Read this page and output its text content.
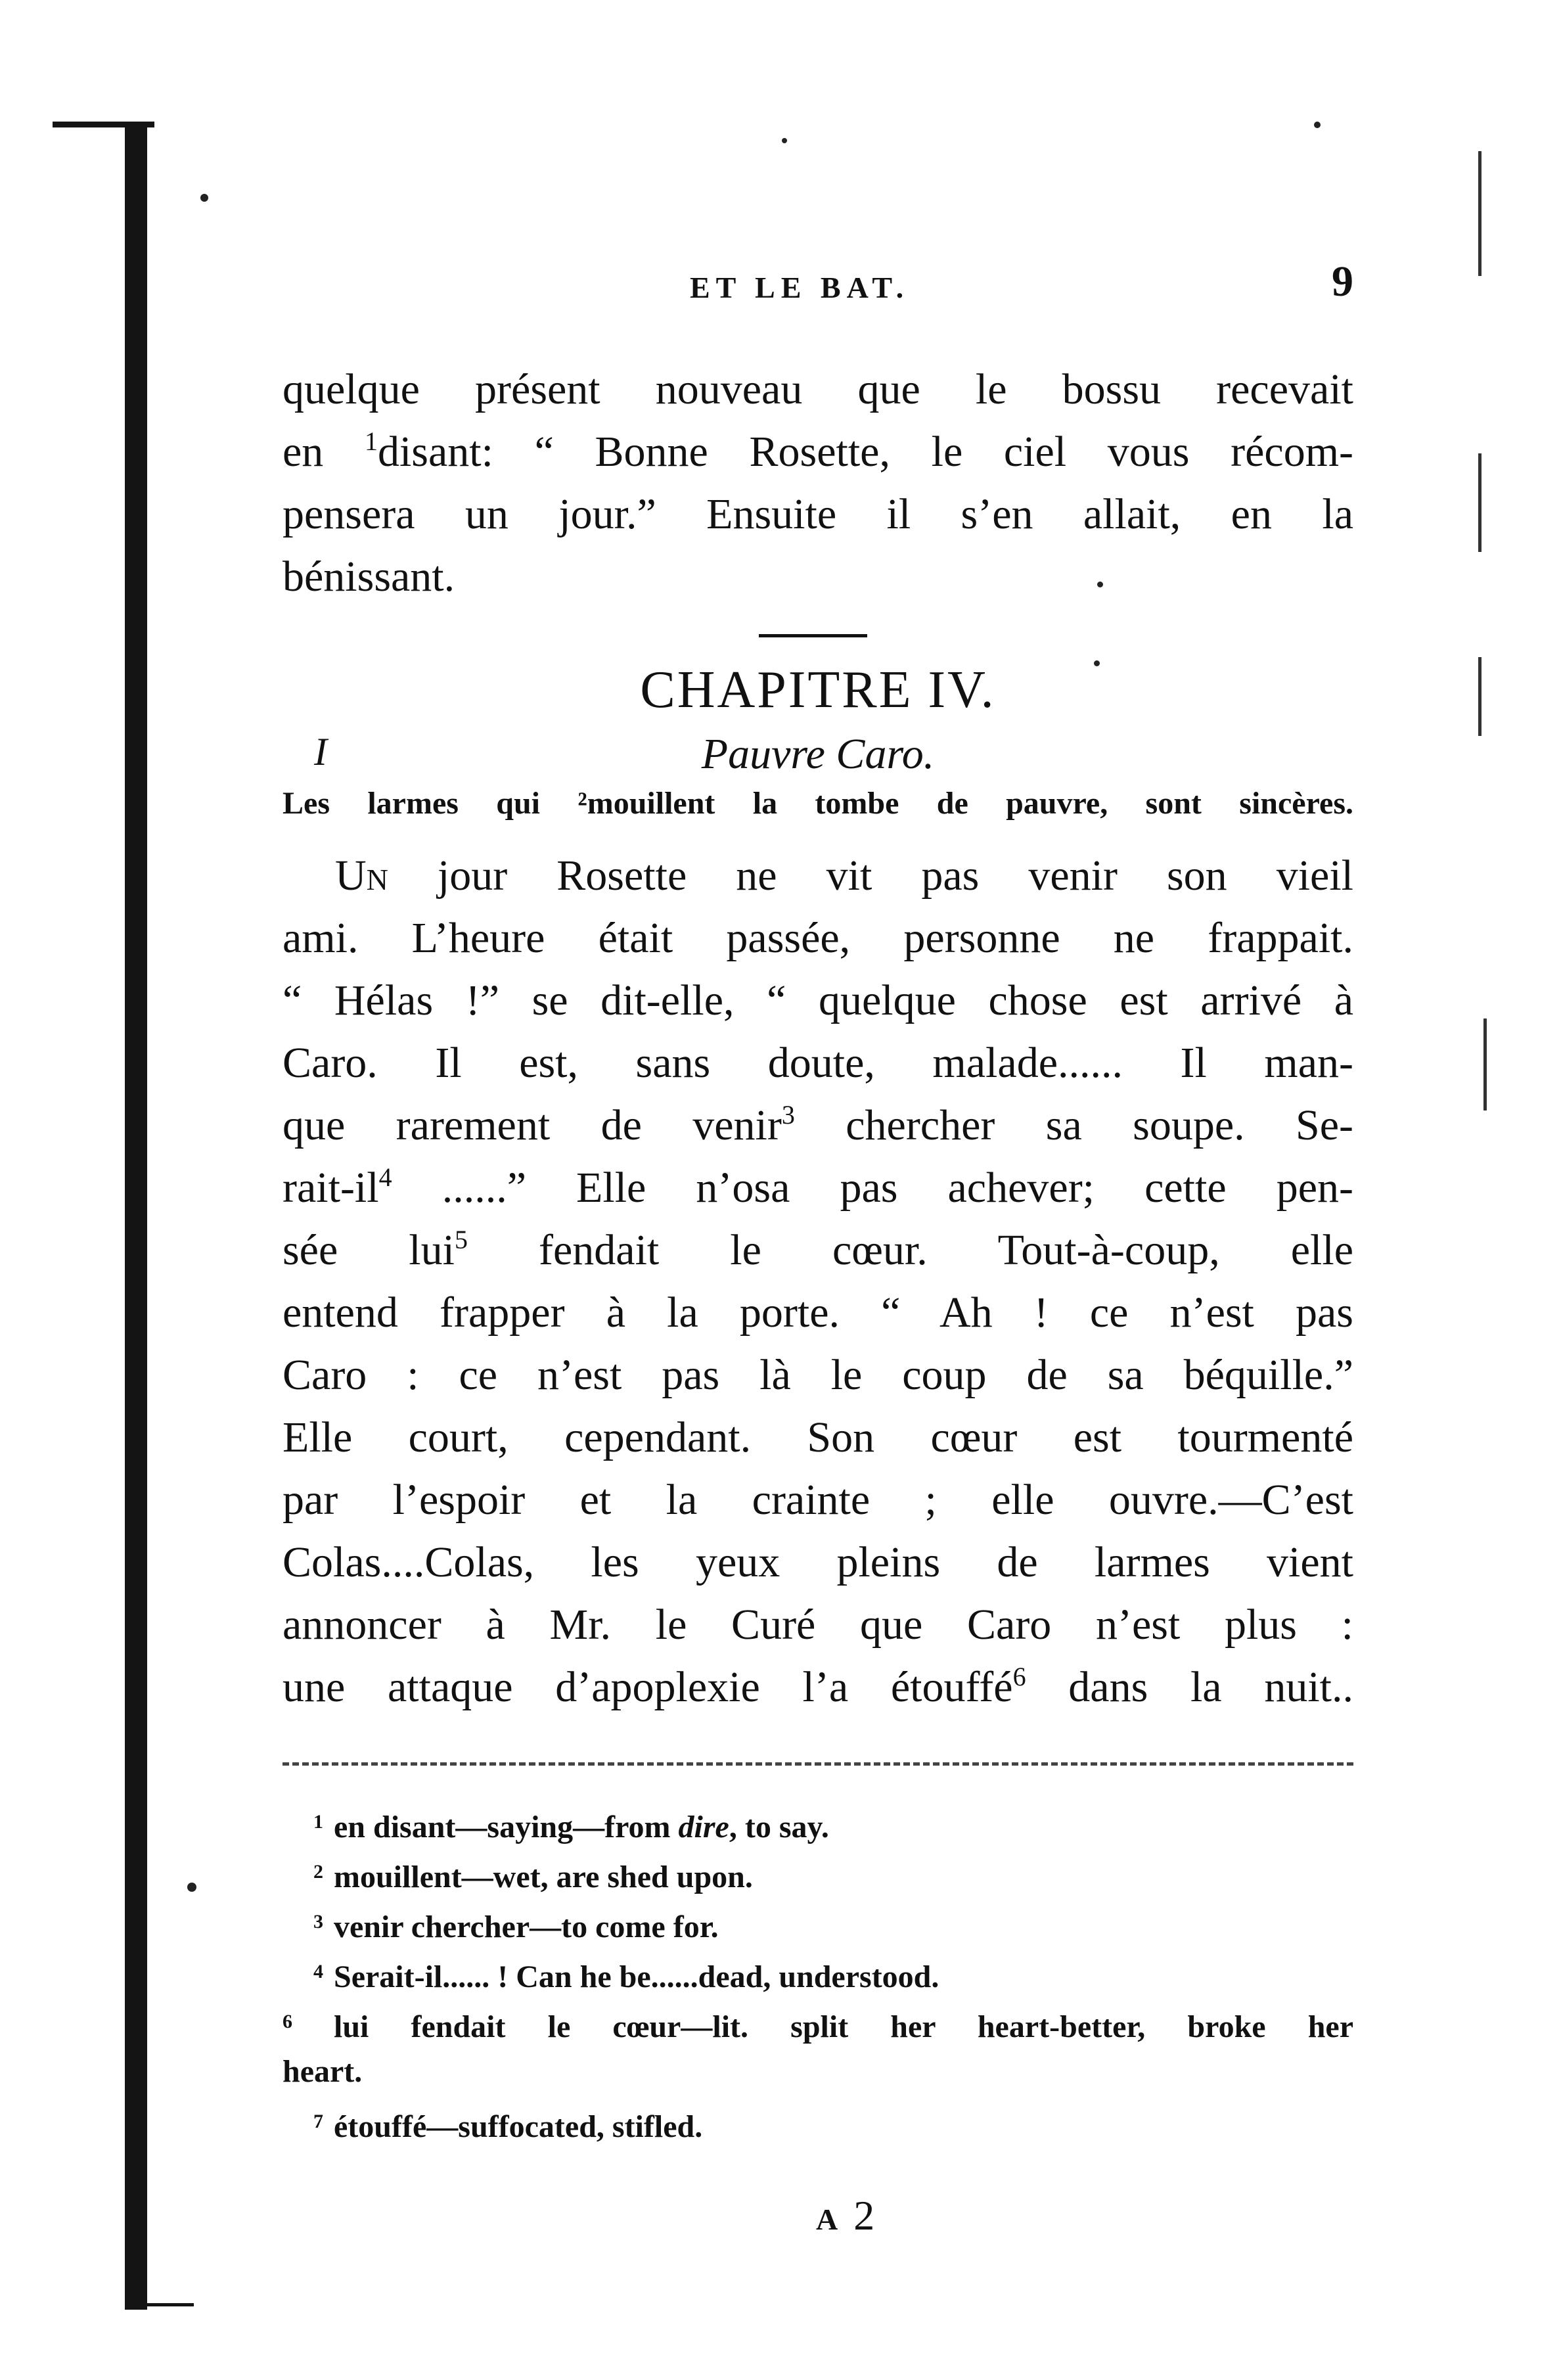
ET LE BAT.	9
quelque présent nouveau que le bossu recevait
en $^1$disant: “ Bonne Rosette, le ciel vous récom-
pensera un jour.” Ensuite il s’en allait, en la
bénissant.
CHAPITRE IV.
I	Pauvre Caro.
Les larmes qui ²mouillent la tombe de pauvre, sont sincères.
Un jour Rosette ne vit pas venir son vieil
ami. L’heure était passée, personne ne frappait.
“ Hélas !” se dit-elle, “ quelque chose est arrivé à
Caro. Il est, sans doute, malade...... Il man-
que rarement de venir$^3$ chercher sa soupe. Se-
rait-$il^4$ ......” Elle n’osa pas achever; cette pen-
sée lui$^5$ fendait le cœur. Tout-à-coup, elle
entend frapper à la porte. “ Ah ! ce n’est pas
Caro : ce n’est pas là le coup de sa béquille.”
Elle court, cependant. Son cœur est tourmenté
par l’espoir et la crainte ; elle ouvre.—C’est
Colas....Colas, les yeux pleins de larmes vient
annoncer à Mr. le Curé que Caro n’est plus :
une attaque d’apoplexie l’a étouffé$^6$ dans la nuit..
1 en disant—saying—from dire, to say.
2 mouillent—wet, are shed upon.
3 venir chercher—to come for.
4 Serait-il...... ! Can he be......dead, understood.
6 lui fendait le cœur—lit. split her heart-better, broke her
heart.
7 étouffé—suffocated, stifled.
A 2
